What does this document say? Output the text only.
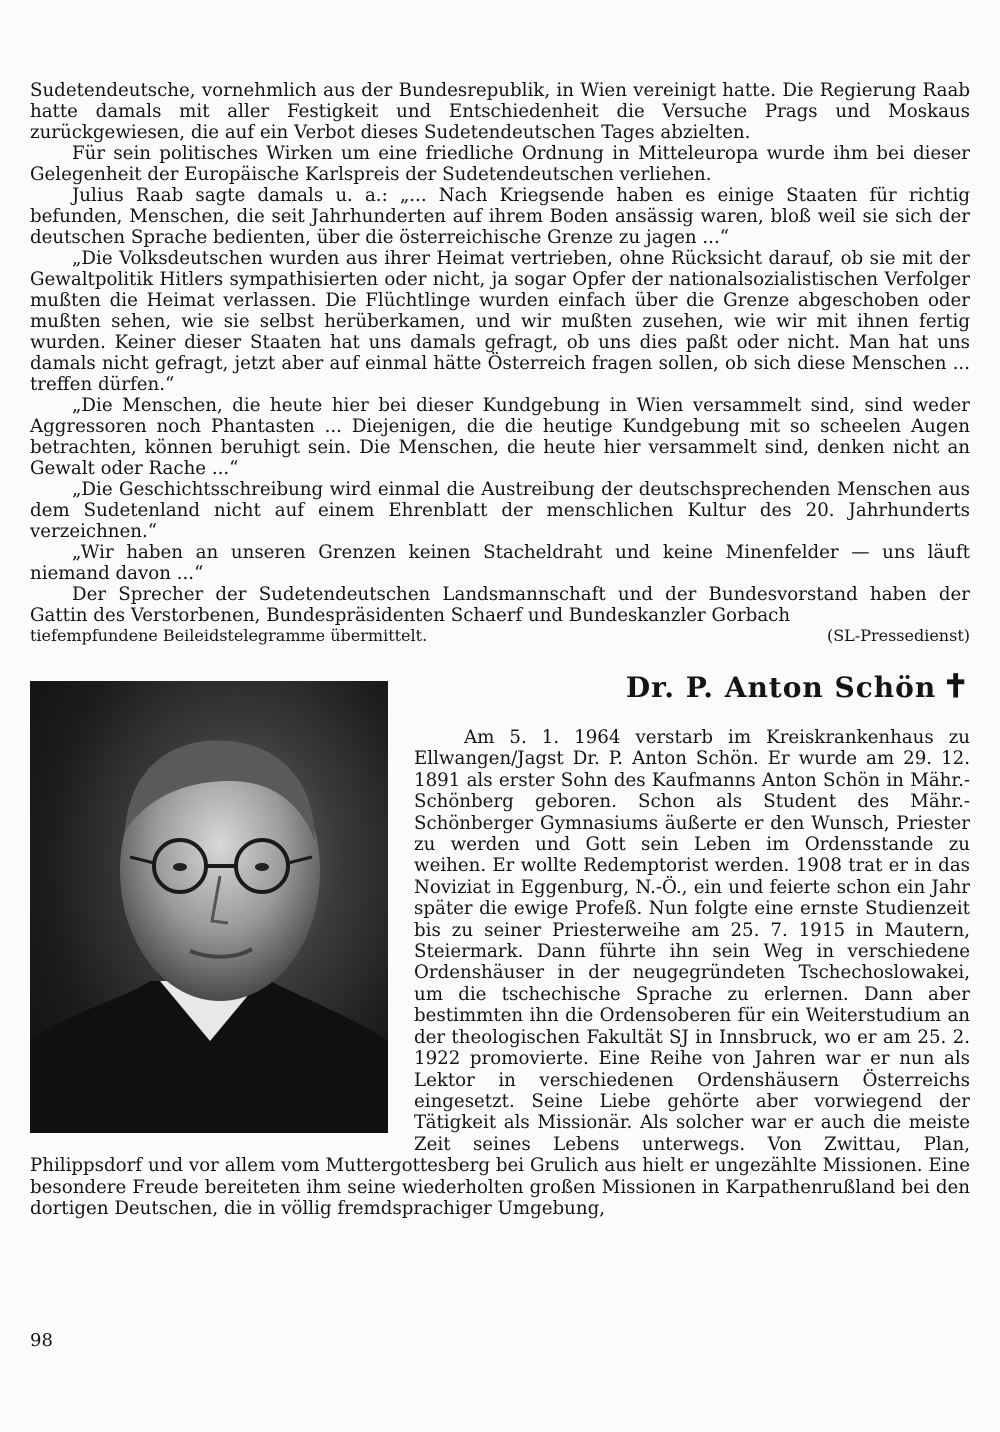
Sudetendeutsche, vornehmlich aus der Bundesrepublik, in Wien vereinigt hatte. Die Regierung Raab hatte damals mit aller Festigkeit und Entschiedenheit die Versuche Prags und Moskaus zurückgewiesen, die auf ein Verbot dieses Sudetendeutschen Tages abzielten.

Für sein politisches Wirken um eine friedliche Ordnung in Mitteleuropa wurde ihm bei dieser Gelegenheit der Europäische Karlspreis der Sudetendeutschen verliehen.

Julius Raab sagte damals u. a.: „... Nach Kriegsende haben es einige Staaten für richtig befunden, Menschen, die seit Jahrhunderten auf ihrem Boden ansässig waren, bloß weil sie sich der deutschen Sprache bedienten, über die österreichische Grenze zu jagen ...“

„Die Volksdeutschen wurden aus ihrer Heimat vertrieben, ohne Rücksicht darauf, ob sie mit der Gewaltpolitik Hitlers sympathisierten oder nicht, ja sogar Opfer der nationalsozialistischen Verfolger mußten die Heimat verlassen. Die Flüchtlinge wurden einfach über die Grenze abgeschoben oder mußten sehen, wie sie selbst herüberkamen, und wir mußten zusehen, wie wir mit ihnen fertig wurden. Keiner dieser Staaten hat uns damals gefragt, ob uns dies paßt oder nicht. Man hat uns damals nicht gefragt, jetzt aber auf einmal hätte Österreich fragen sollen, ob sich diese Menschen ... treffen dürfen.“

„Die Menschen, die heute hier bei dieser Kundgebung in Wien versammelt sind, sind weder Aggressoren noch Phantasten ... Diejenigen, die die heutige Kundgebung mit so scheelen Augen betrachten, können beruhigt sein. Die Menschen, die heute hier versammelt sind, denken nicht an Gewalt oder Rache ...“

„Die Geschichtsschreibung wird einmal die Austreibung der deutschsprechenden Menschen aus dem Sudetenland nicht auf einem Ehrenblatt der menschlichen Kultur des 20. Jahrhunderts verzeichnen.“

„Wir haben an unseren Grenzen keinen Stacheldraht und keine Minenfelder — uns läuft niemand davon ...“

Der Sprecher der Sudetendeutschen Landsmannschaft und der Bundesvorstand haben der Gattin des Verstorbenen, Bundespräsidenten Schaerf und Bundeskanzler Gorbach

tiefempfundene Beileidstelegramme übermittelt.	(SL-Pressedienst)
Dr. P. Anton Schön ✝

Am 5. 1. 1964 verstarb im Kreiskrankenhaus zu Ellwangen/Jagst Dr. P. Anton Schön. Er wurde am 29. 12. 1891 als erster Sohn des Kaufmanns Anton Schön in Mähr.-Schönberg geboren. Schon als Student des Mähr.-Schönberger Gymnasiums äußerte er den Wunsch, Priester zu werden und Gott sein Leben im Ordensstande zu weihen. Er wollte Redemptorist werden. 1908 trat er in das Noviziat in Eggenburg, N.-Ö., ein und feierte schon ein Jahr später die ewige Profeß. Nun folgte eine ernste Studienzeit bis zu seiner Priesterweihe am 25. 7. 1915 in Mautern, Steiermark. Dann führte ihn sein Weg in verschiedene Ordenshäuser in der neugegründeten Tschechoslowakei, um die tschechische Sprache zu erlernen. Dann aber bestimmten ihn die Ordensoberen für ein Weiterstudium an der theologischen Fakultät SJ in Innsbruck, wo er am 25. 2. 1922 promovierte. Eine Reihe von Jahren war er nun als Lektor in verschiedenen Ordenshäusern Österreichs eingesetzt. Seine Liebe gehörte aber vorwiegend der Tätigkeit als Missionär. Als solcher war er auch die meiste Zeit seines Lebens unterwegs. Von Zwittau, Plan, Philippsdorf und vor allem vom Muttergottesberg bei Grulich aus hielt er ungezählte Missionen. Eine besondere Freude bereiteten ihm seine wiederholten großen Missionen in Karpathenrußland bei den dortigen Deutschen, die in völlig fremdsprachiger Umgebung,

98
